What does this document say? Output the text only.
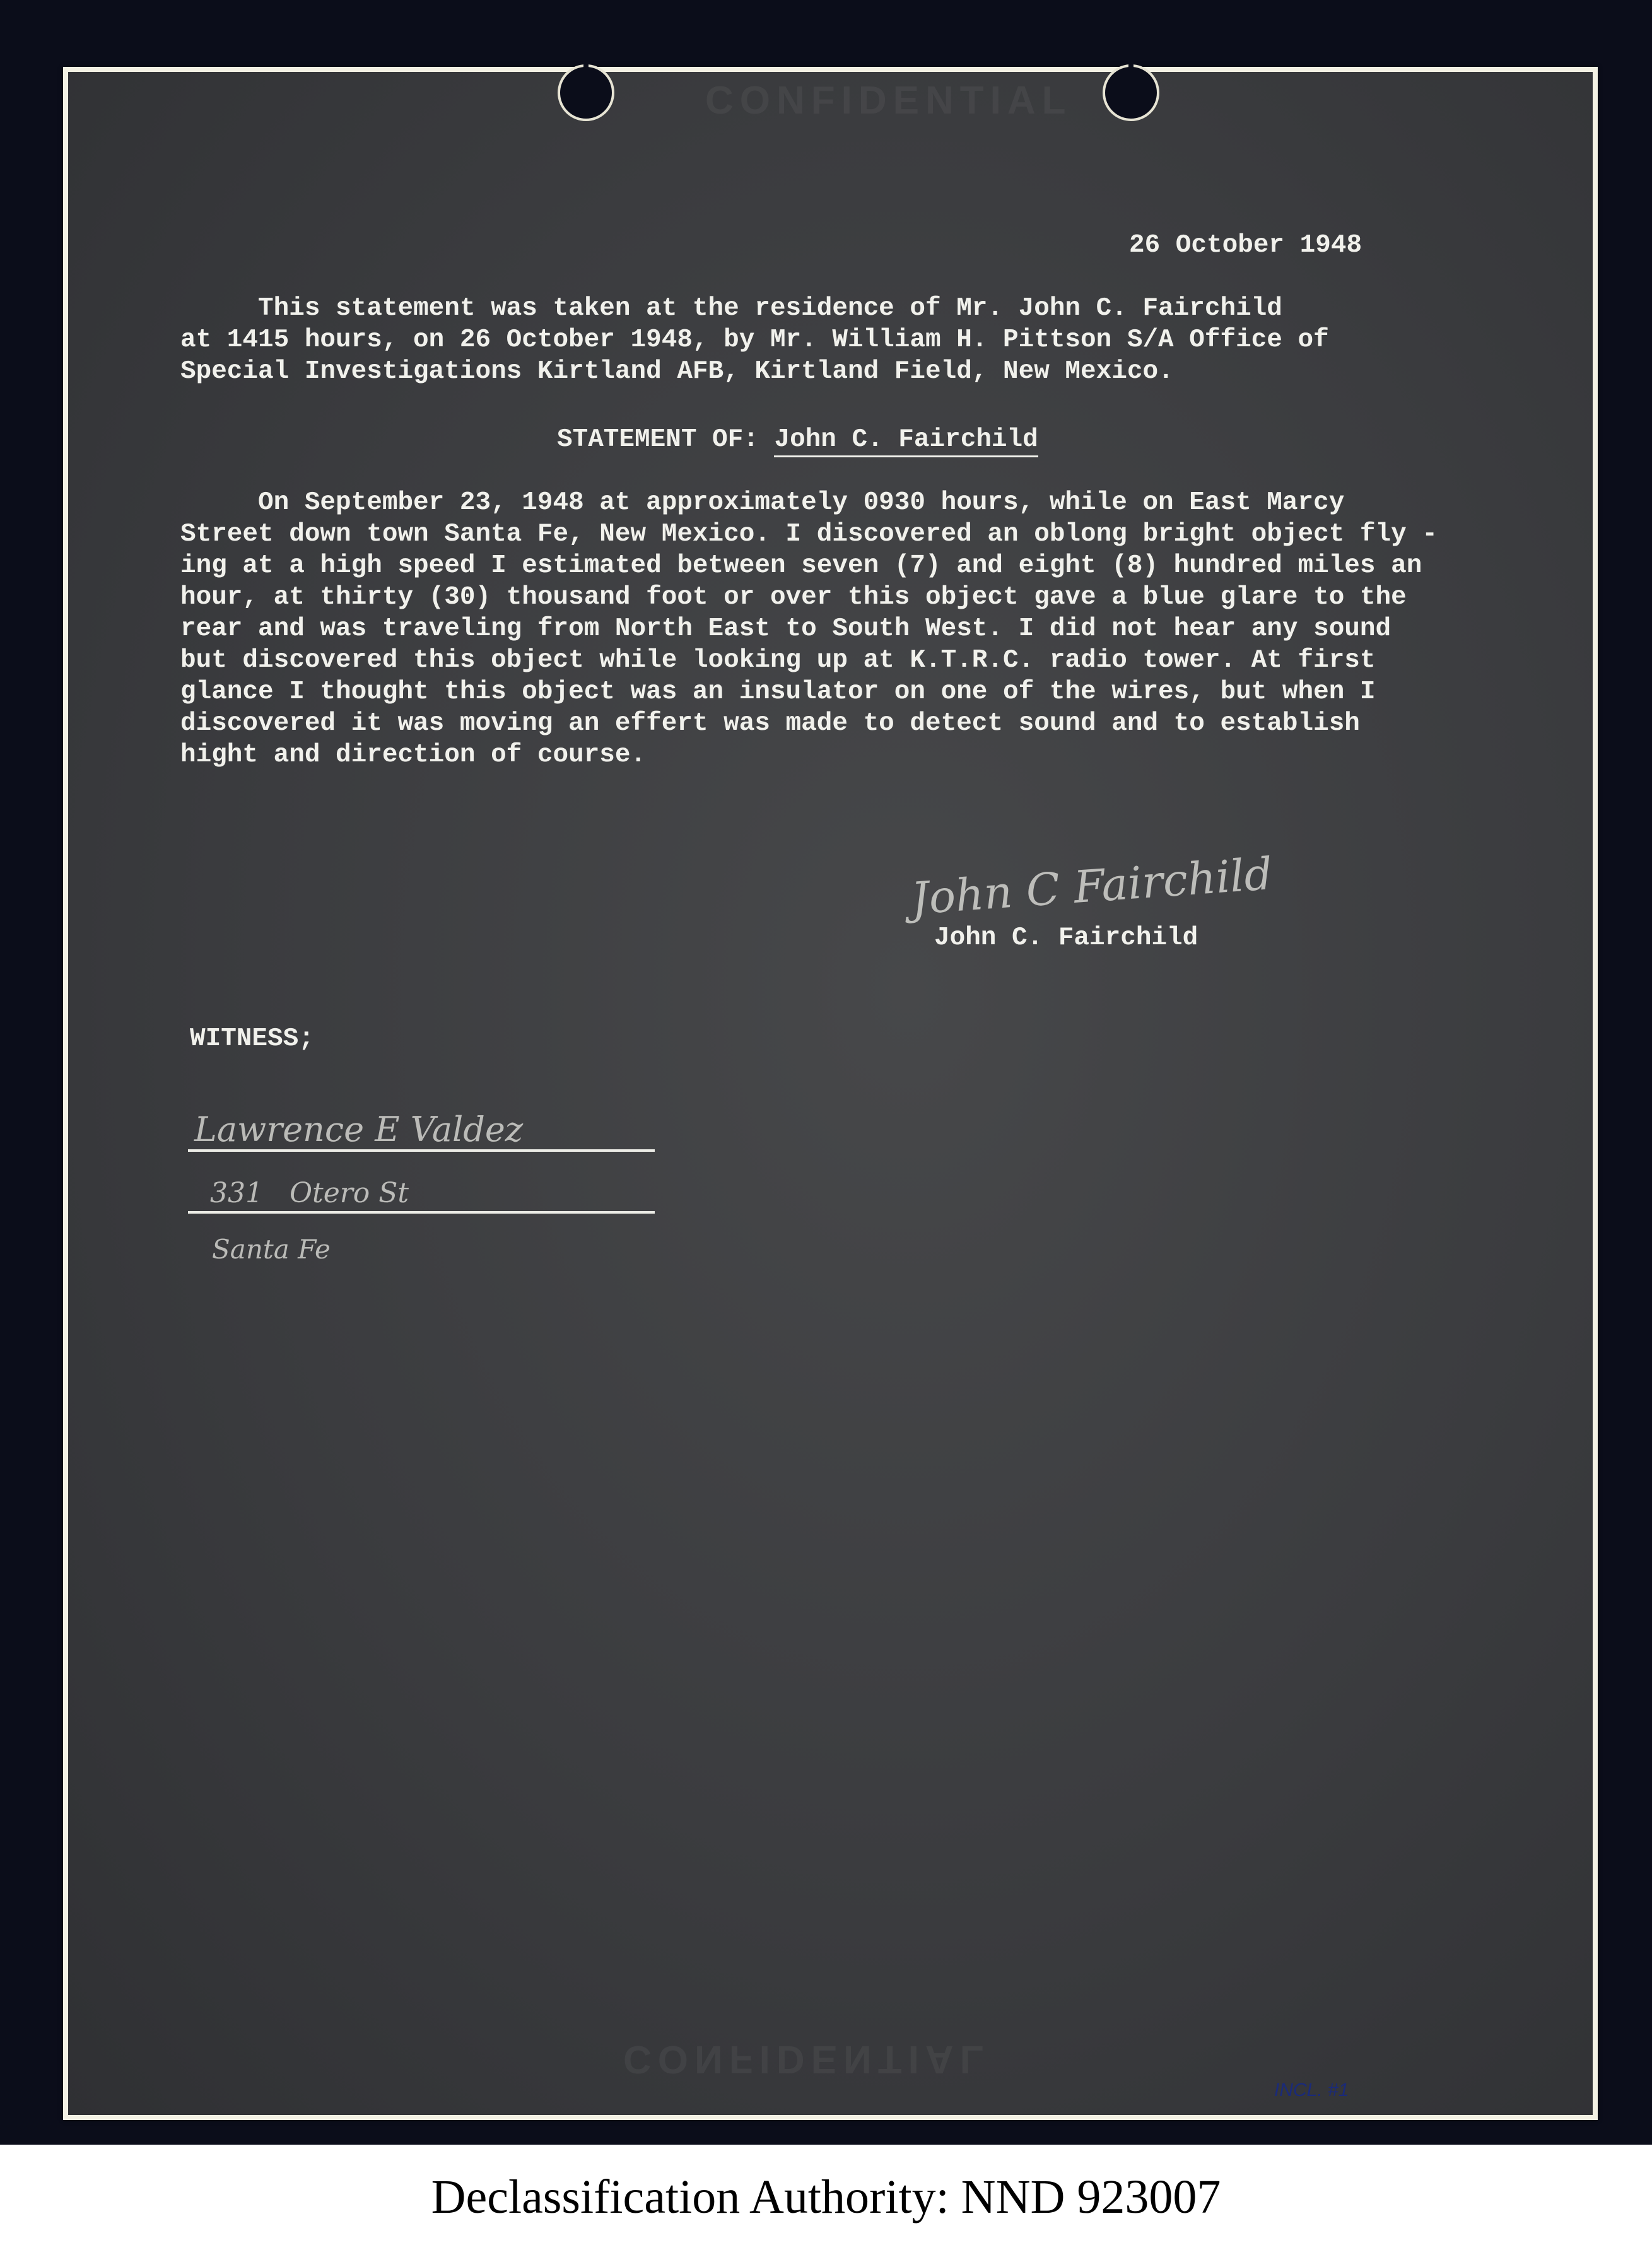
CONFIDENTIAL
CONFIDENTIAL
26 October 1948
This statement was taken at the residence of Mr. John C. Fairchild
at 1415 hours, on 26 October 1948, by Mr. William H. Pittson S/A Office of
Special Investigations Kirtland AFB, Kirtland Field, New Mexico.
STATEMENT OF: John C. Fairchild
On September 23, 1948 at approximately 0930 hours, while on East Marcy
Street down town Santa Fe, New Mexico. I discovered an oblong bright object fly -
ing at a high speed I estimated between seven (7) and eight (8) hundred miles an
hour, at thirty (30) thousand foot or over this object gave a blue glare to the
rear and was traveling from North East to South West. I did not hear any sound
but discovered this object while looking up at K.T.R.C. radio tower. At first
glance I thought this object was an insulator on one of the wires, but when I
discovered it was moving an effert was made to detect sound and to establish
hight and direction of course.
John C Fairchild
John C. Fairchild
WITNESS;
Lawrence E Valdez
331   Otero St
Santa Fe
INCL. #1
Declassification Authority: NND 923007
